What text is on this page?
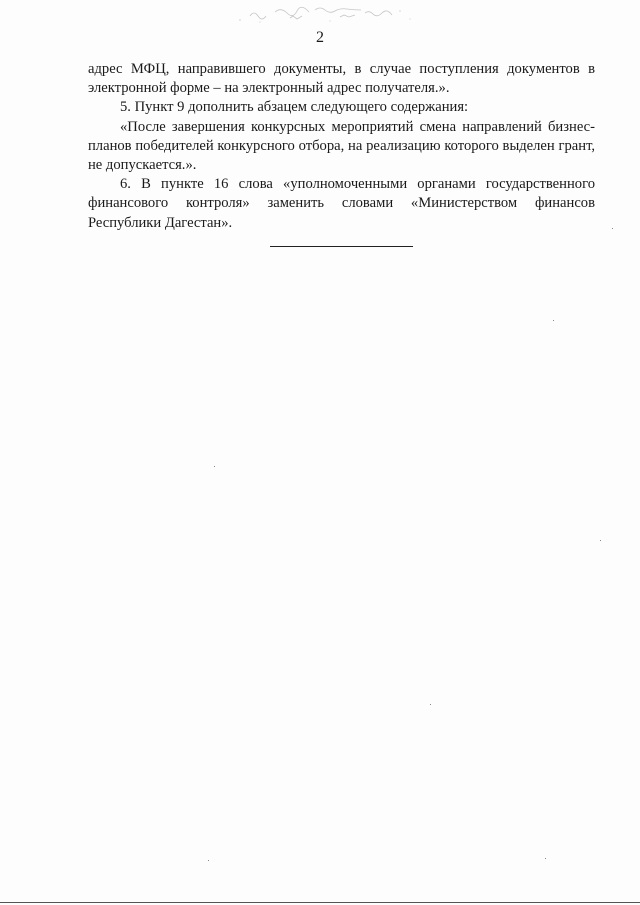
2

адрес МФЦ, направившего документы, в случае поступления документов в электронной форме – на электронный адрес получателя.».

5. Пункт 9 дополнить абзацем следующего содержания:

«После завершения конкурсных мероприятий смена направлений бизнес-планов победителей конкурсного отбора, на реализацию которого выделен грант, не допускается.».

6. В пункте 16 слова «уполномоченными органами государственного финансового контроля» заменить словами «Министерством финансов Республики Дагестан».
